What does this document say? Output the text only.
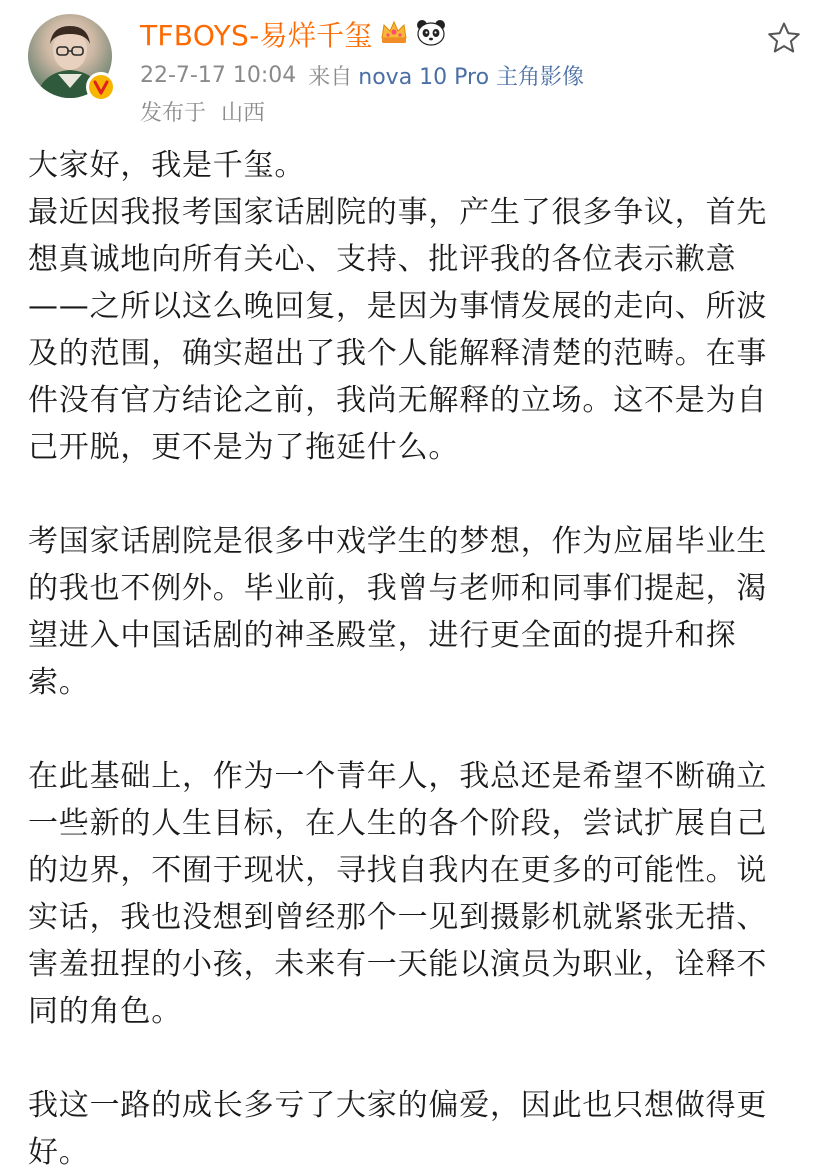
TFBOYS-易烊千玺
22-7-17 10:04 来自 nova 10 Pro 主角影像
发布于 山西

大家好，我是千玺。
最近因我报考国家话剧院的事，产生了很多争议，首先想真诚地向所有关心、支持、批评我的各位表示歉意——之所以这么晚回复，是因为事情发展的走向、所波及的范围，确实超出了我个人能解释清楚的范畴。在事件没有官方结论之前，我尚无解释的立场。这不是为自己开脱，更不是为了拖延什么。

考国家话剧院是很多中戏学生的梦想，作为应届毕业生的我也不例外。毕业前，我曾与老师和同事们提起，渴望进入中国话剧的神圣殿堂，进行更全面的提升和探索。

在此基础上，作为一个青年人，我总还是希望不断确立一些新的人生目标，在人生的各个阶段，尝试扩展自己的边界，不囿于现状，寻找自我内在更多的可能性。说实话，我也没想到曾经那个一见到摄影机就紧张无措、害羞扭捏的小孩，未来有一天能以演员为职业，诠释不同的角色。

我这一路的成长多亏了大家的偏爱，因此也只想做得更好。
